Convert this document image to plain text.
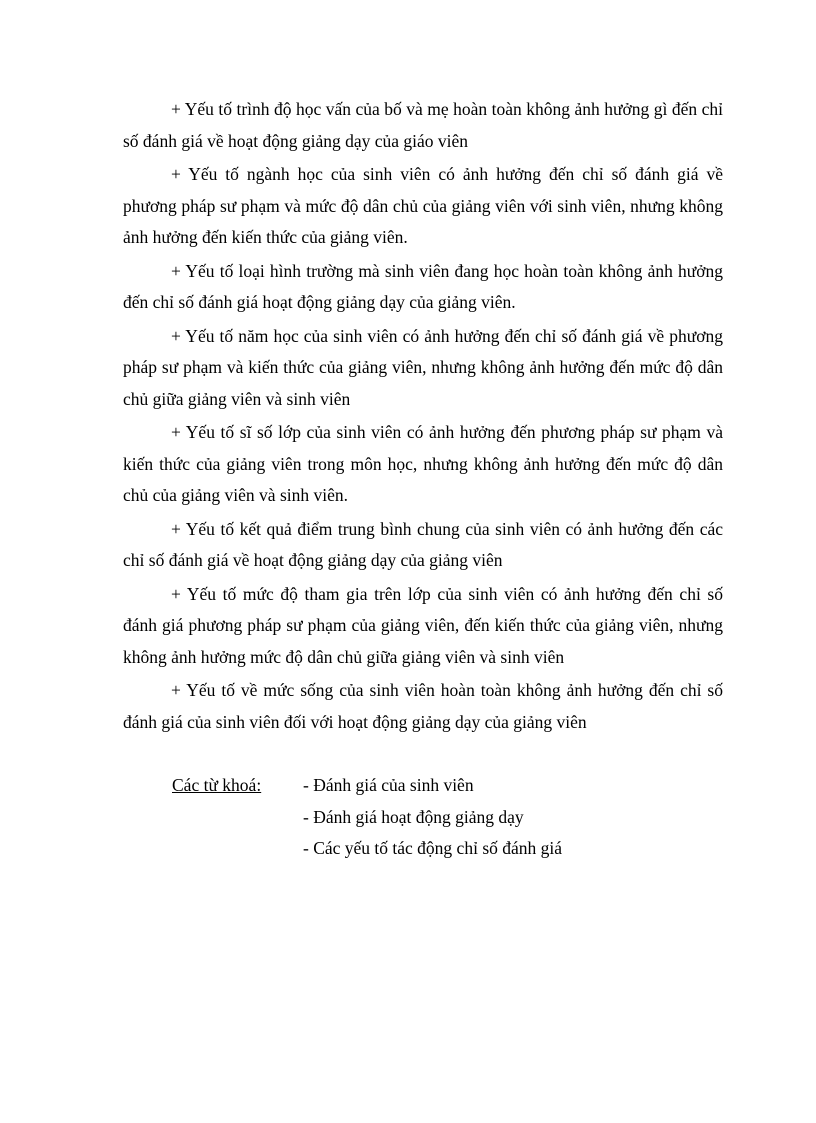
+ Yếu tố trình độ học vấn của bố và mẹ hoàn toàn không ảnh hưởng gì đến chỉ số đánh giá về hoạt động giảng dạy của giáo viên

+ Yếu tố ngành học của sinh viên có ảnh hưởng đến chỉ số đánh giá về phương pháp sư phạm và mức độ dân chủ của giảng viên với sinh viên, nhưng không ảnh hưởng đến kiến thức của giảng viên.

+ Yếu tố loại hình trường mà sinh viên đang học hoàn toàn không ảnh hưởng đến chỉ số đánh giá hoạt động giảng dạy của giảng viên.

+ Yếu tố năm học của sinh viên có ảnh hưởng đến chỉ số đánh giá về phương pháp sư phạm và kiến thức của giảng viên, nhưng không ảnh hưởng đến mức độ dân chủ giữa giảng viên và sinh viên

+ Yếu tố sĩ số lớp của sinh viên có ảnh hưởng đến phương pháp sư phạm và kiến thức của giảng viên trong môn học, nhưng không ảnh hưởng đến mức độ dân chủ của giảng viên và sinh viên.

+ Yếu tố kết quả điểm trung bình chung của sinh viên có ảnh hưởng đến các chỉ số đánh giá về hoạt động giảng dạy của giảng viên

+ Yếu tố mức độ tham gia trên lớp của sinh viên có ảnh hưởng đến chỉ số đánh giá phương pháp sư phạm của giảng viên, đến kiến thức của giảng viên, nhưng không ảnh hưởng mức độ dân chủ giữa giảng viên và sinh viên

+ Yếu tố về mức sống của sinh viên hoàn toàn không ảnh hưởng đến chỉ số đánh giá của sinh viên đối với hoạt động giảng dạy của giảng viên

Các từ khoá: - Đánh giá của sinh viên
- Đánh giá hoạt động giảng dạy
- Các yếu tố tác động chỉ số đánh giá
